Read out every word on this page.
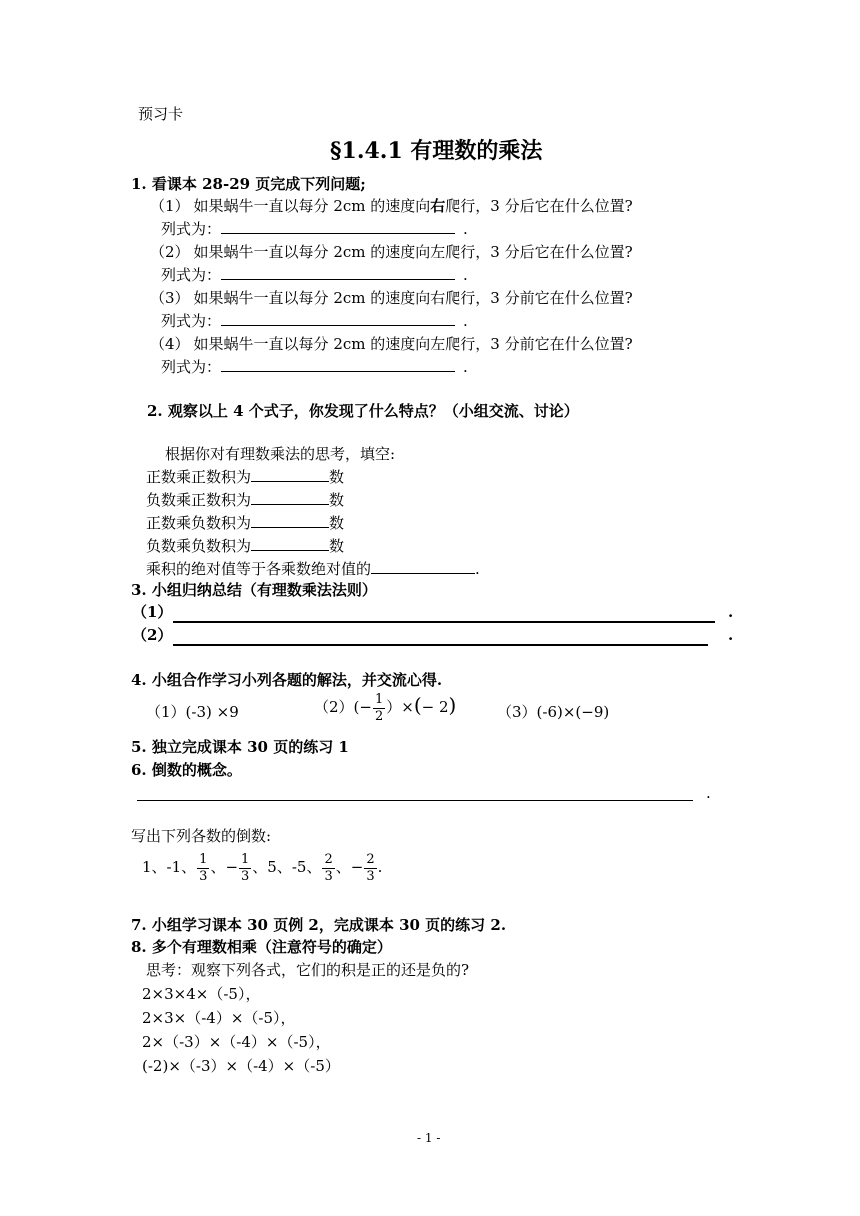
预习卡
§1.4.1 有理数的乘法
1. 看课本 28-29 页完成下列问题;
（1） 如果蜗牛一直以每分 2cm 的速度向右爬行，3 分后它在什么位置?
列式为：	.
（2） 如果蜗牛一直以每分 2cm 的速度向左爬行，3 分后它在什么位置?
列式为：	.
（3） 如果蜗牛一直以每分 2cm 的速度向右爬行，3 分前它在什么位置?
列式为：	.
（4） 如果蜗牛一直以每分 2cm 的速度向左爬行，3 分前它在什么位置?
列式为：	.
2. 观察以上 4 个式子，你发现了什么特点？（小组交流、讨论）
根据你对有理数乘法的思考，填空:
正数乘正数积为	数
负数乘正数积为	数
正数乘负数积为	数
负数乘负数积为	数
乘积的绝对值等于各乘数绝对值的	.
3. 小组归纳总结（有理数乘法法则）
（1）	.
（2）	.
4. 小组合作学习小列各题的解法，并交流心得.
（1）(-3) ×9	$(2)(- \frac{1}{2}$ ）×(− 2)	（3）(-6)×(−9)
5. 独立完成课本 30 页的练习 1
6. 倒数的概念。
.
写出下列各数的倒数:
1、-1、 $\frac{1}{3}$ 、− $\frac{1}{3}$ 、5、-5、 $\frac{2}{3}$ 、− $\frac{2}{3}$ .
7. 小组学习课本 30 页例 2，完成课本 30 页的练习 2.
8. 多个有理数相乘（注意符号的确定）
思考：观察下列各式，它们的积是正的还是负的?
2×3×4×（-5），
2×3×（-4）×（-5），
2×（-3）×（-4）×（-5），
(-2)×（-3）×（-4）×（-5）
- 1 -
